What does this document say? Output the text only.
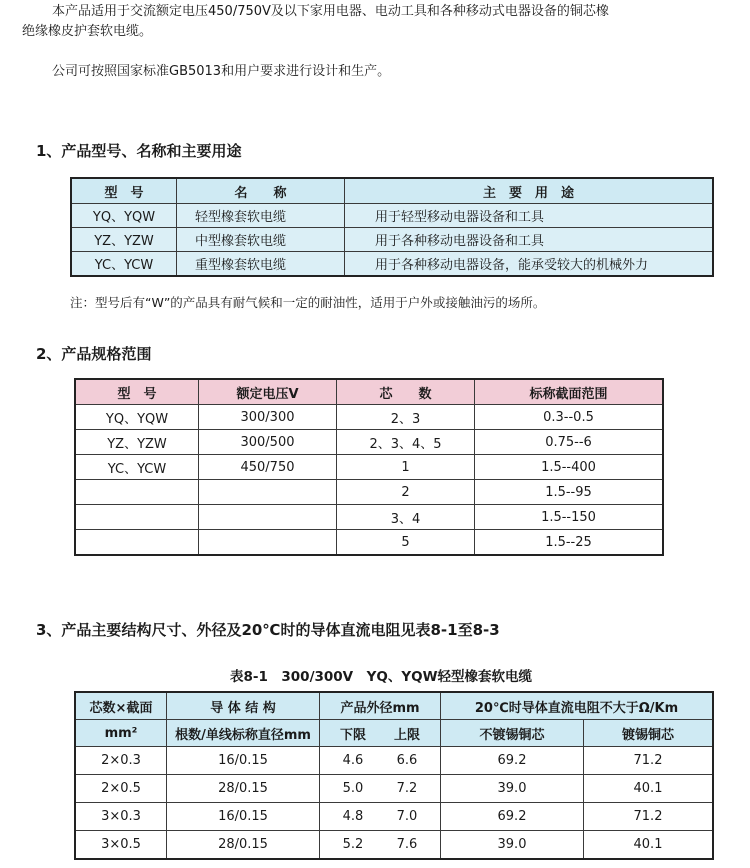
本产品适用于交流额定电压450/750V及以下家用电器、电动工具和各种移动式电器设备的铜芯橡
绝缘橡皮护套软电缆。
公司可按照国家标准GB5013和用户要求进行设计和生产。
1、产品型号、名称和主要用途
型　号	名　　称	主　要　用　途
YQ、YQW	轻型橡套软电缆	用于轻型移动电器设备和工具
YZ、YZW	中型橡套软电缆	用于各种移动电器设备和工具
YC、YCW	重型橡套软电缆	用于各种移动电器设备，能承受较大的机械外力
注：型号后有“W”的产品具有耐气候和一定的耐油性，适用于户外或接触油污的场所。
2、产品规格范围
型　号	额定电压V	芯　　数	标称截面范围
YQ、YQW	300/300	2、3	0.3--0.5
YZ、YZW	300/500	2、3、4、5	0.75--6
YC、YCW	450/750	1	1.5--400
		2	1.5--95
		3、4	1.5--150
		5	1.5--25
3、产品主要结构尺寸、外径及20℃时的导体直流电阻见表8-1至8-3
表8-1　300/300V　YQ、YQW轻型橡套软电缆
芯数×截面	导 体 结 构	产品外径mm	20℃时导体直流电阻不大于Ω/Km	
mm²	根数/单线标称直径mm	下限 上限	不镀锡铜芯	镀锡铜芯
2×0.3	16/0.15	4.6 6.6	69.2	71.2
2×0.5	28/0.15	5.0 7.2	39.0	40.1
3×0.3	16/0.15	4.8 7.0	69.2	71.2
3×0.5	28/0.15	5.2 7.6	39.0	40.1
